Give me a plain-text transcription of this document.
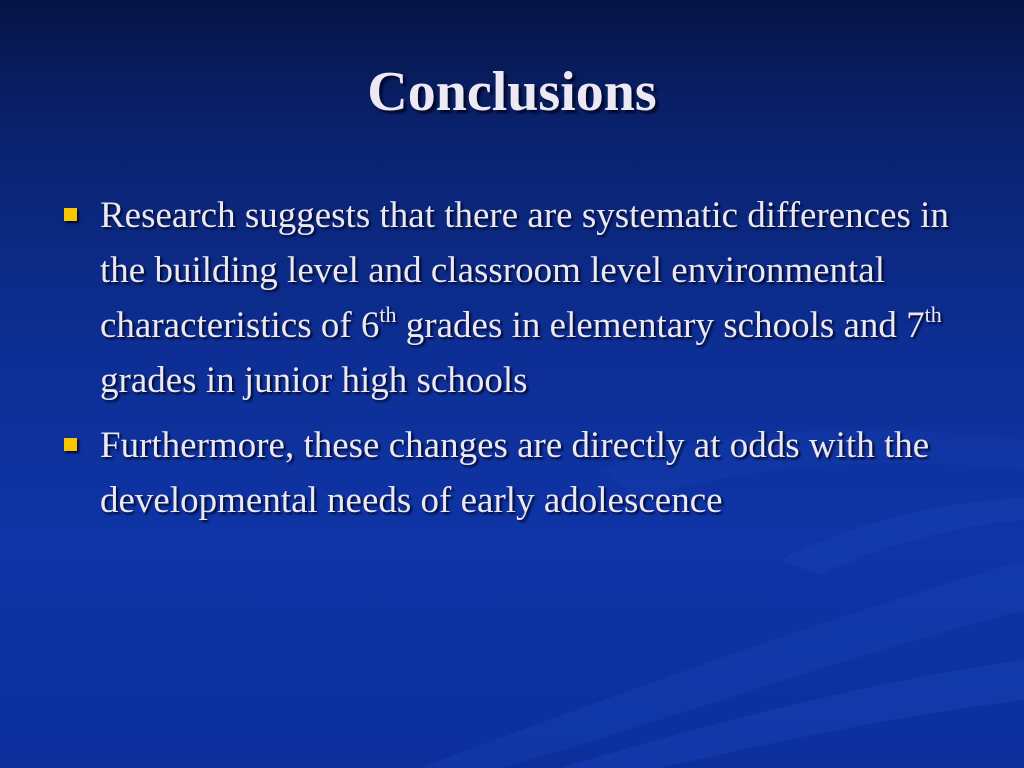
Conclusions
Research suggests that there are systematic differences in the building level and classroom level environmental characteristics of 6th grades in elementary schools and 7th grades in junior high schools
Furthermore, these changes are directly at odds with the developmental needs of early adolescence
